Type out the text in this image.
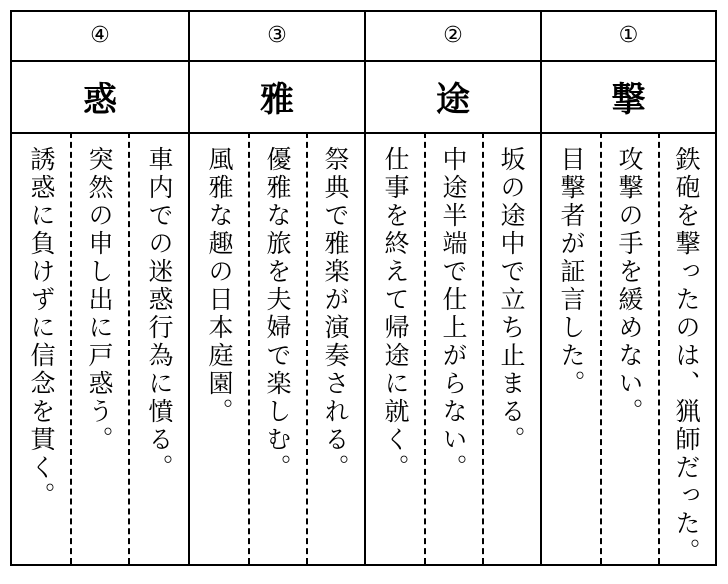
④
惑
車内での迷惑行為に憤る。
突然の申し出に戸惑う。
誘惑に負けずに信念を貫く。
③
雅
祭典で雅楽が演奏される。
優雅な旅を夫婦で楽しむ。
風雅な趣の日本庭園。
②
途
坂の途中で立ち止まる。
中途半端で仕上がらない。
仕事を終えて帰途に就く。
①
撃
鉄砲を撃ったのは、猟師だった。
攻撃の手を緩めない。
目撃者が証言した。
